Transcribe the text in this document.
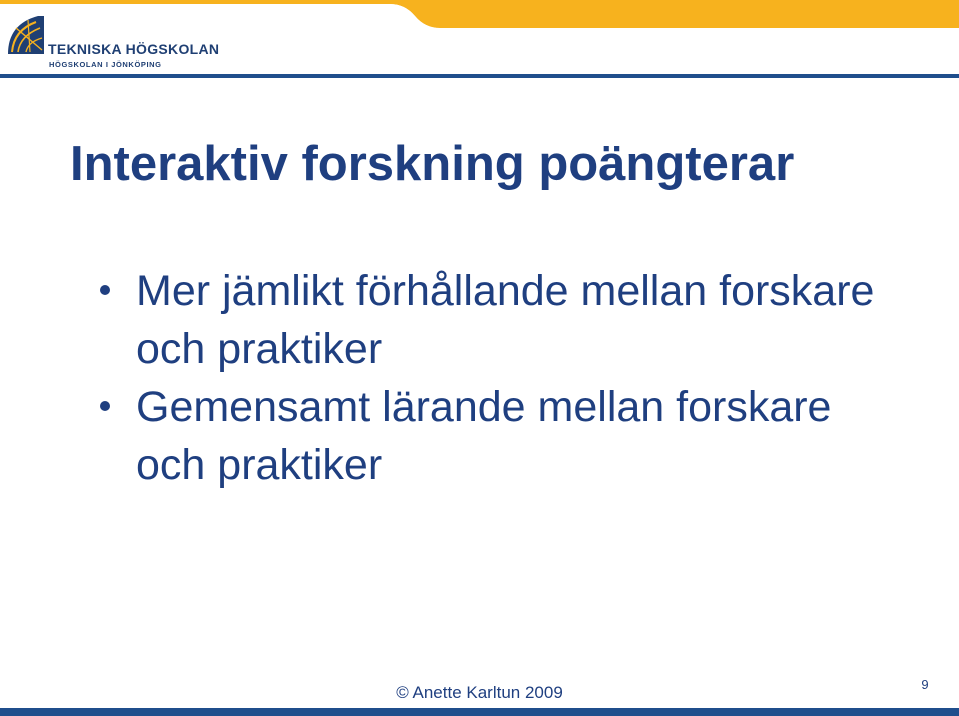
TEKNISKA HÖGSKOLAN
HÖGSKOLAN I JÖNKÖPING
Interaktiv forskning poängterar
Mer jämlikt förhållande mellan forskare och praktiker
Gemensamt lärande mellan forskare och praktiker
© Anette Karltun 2009	9
